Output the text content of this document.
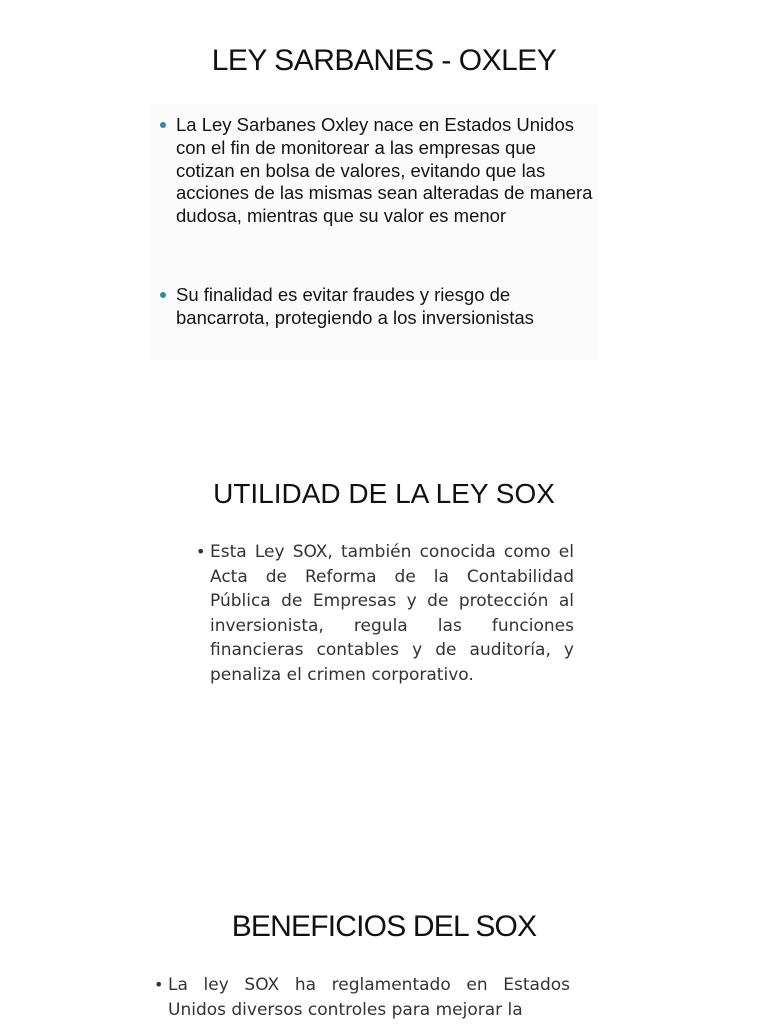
LEY SARBANES - OXLEY
La Ley Sarbanes Oxley nace en Estados Unidos con el fin de monitorear a las empresas que cotizan en bolsa de valores, evitando que las acciones de las mismas sean alteradas de manera dudosa, mientras que su valor es menor
Su finalidad es evitar fraudes y riesgo de bancarrota, protegiendo a los inversionistas
UTILIDAD DE LA LEY SOX
• Esta Ley SOX, también conocida como el Acta de Reforma de la Contabilidad Pública de Empresas y de protección al inversionista, regula las funciones financieras contables y de auditoría, y penaliza el crimen corporativo.
BENEFICIOS DEL SOX
• La ley SOX ha reglamentado en Estados Unidos diversos controles para mejorar la
